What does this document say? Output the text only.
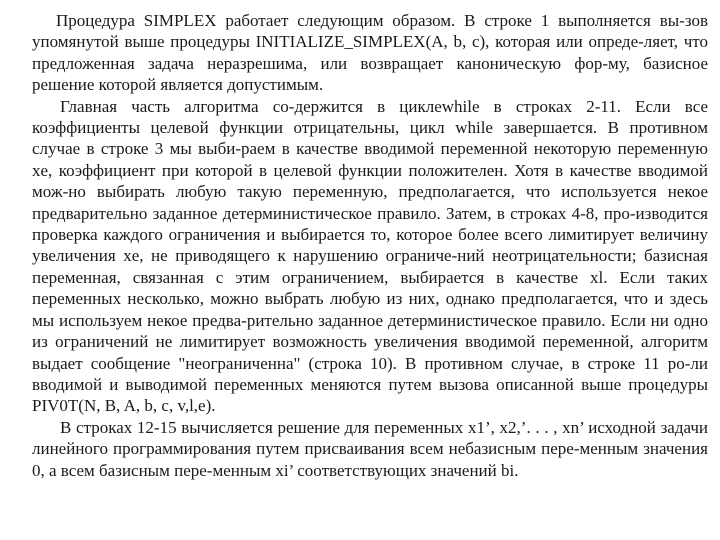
Процедура SIMPLEX работает следующим образом. В строке 1 выполняется вы-зов упомянутой выше процедуры INITIALIZE_SIMPLEX(A, b, c), которая или опреде-ляет, что предложенная задача неразрешима, или возвращает каноническую фор-му, базисное решение которой является допустимым.

Главная часть алгоритма со-держится в циклеwhile в строках 2-11. Если все коэффициенты целевой функции отрицательны, цикл while завершается. В противном случае в строке 3 мы выби-раем в качестве вводимой переменной некоторую переменную xe, коэффициент при которой в целевой функции положителен. Хотя в качестве вводимой мож-но выбирать любую такую переменную, предполагается, что используется некое предварительно заданное детерминистическое правило. Затем, в строках 4-8, про-изводится проверка каждого ограничения и выбирается то, которое более всего лимитирует величину увеличения xe, не приводящего к нарушению ограниче-ний неотрицательности; базисная переменная, связанная с этим ограничением, выбирается в качестве xl. Если таких переменных несколько, можно выбрать любую из них, однако предполагается, что и здесь мы используем некое предва-рительно заданное детерминистическое правило. Если ни одно из ограничений не лимитирует возможность увеличения вводимой переменной, алгоритм выдает сообщение "неограниченна" (строка 10). В противном случае, в строке 11 ро-ли вводимой и выводимой переменных меняются путем вызова описанной выше процедуры PIV0T(N, B, A, b, c, v,l,e).

В строках 12-15 вычисляется решение для переменных x1’, x2,’. . . , xn’ исходной задачи линейного программирования путем присваивания всем небазисным пере-менным значения 0, а всем базисным пере-менным xi’ соответствующих значений bi.
